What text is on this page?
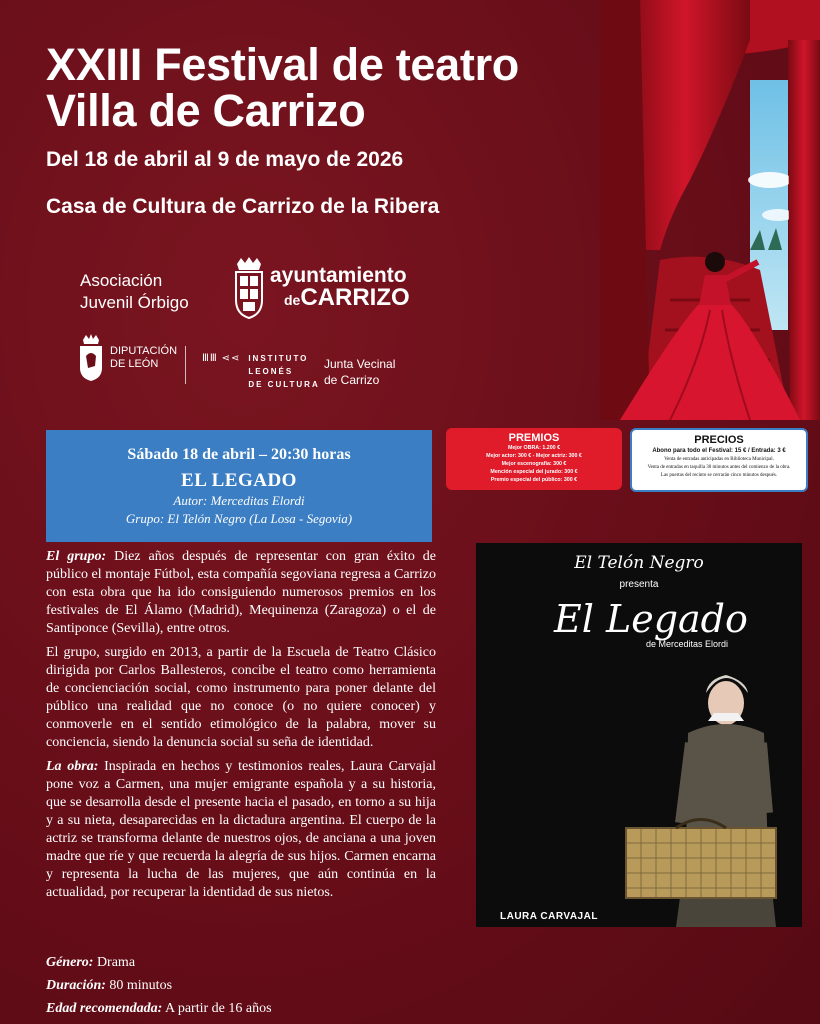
XXIII Festival de teatro
Villa de Carrizo
Del 18 de abril al 9 de mayo de 2026
Casa de Cultura de Carrizo de la Ribera
Asociación
Juvenil Órbigo
ayuntamiento
deCARRIZO
DIPUTACIÓN
DE LEÓN	ⅢⅢ ⋖⋖ INSTITUTO
LEONÉS
DE CULTURA
Junta Vecinal
de Carrizo
Sábado 18 de abril – 20:30 horas
EL LEGADO
Autor: Merceditas Elordi
Grupo: El Telón Negro (La Losa - Segovia)
PREMIOS
Mejor OBRA: 1.200 €
Mejor actor: 300 € - Mejor actriz: 300 €
Mejor escenografía: 300 €
Mención especial del jurado: 300 €
Premio especial del público: 300 €
PRECIOS
Abono para todo el Festival: 15 € / Entrada: 3 €
Venta de entradas anticipadas en Biblioteca Municipal.
Venta de entradas en taquilla 30 minutos antes del comienzo de la obra.
Las puertas del recinto se cerrarán cinco minutos después.

El grupo: Diez años después de representar con gran éxito de público el montaje Fútbol, esta compañía segoviana regresa a Carrizo con esta obra que ha ido consiguiendo numerosos premios en los festivales de El Álamo (Madrid), Mequinenza (Zaragoza) o el de Santiponce (Sevilla), entre otros.

El grupo, surgido en 2013, a partir de la Escuela de Teatro Clásico dirigida por Carlos Ballesteros, concibe el teatro como herramienta de concienciación social, como instrumento para poner delante del público una realidad que no conoce (o no quiere conocer) y conmoverle en el sentido etimológico de la palabra, mover su conciencia, siendo la denuncia social su seña de identidad.

La obra: Inspirada en hechos y testimonios reales, Laura Carvajal pone voz a Carmen, una mujer emigrante española y a su historia, que se desarrolla desde el presente hacia el pasado, en torno a su hija y a su nieta, desaparecidas en la dictadura argentina. El cuerpo de la actriz se transforma delante de nuestros ojos, de anciana a una joven madre que ríe y que recuerda la alegría de sus hijos. Carmen encarna y representa la lucha de las mujeres, que aún continúa en la actualidad, por recuperar la identidad de sus nietos.

Género: Drama
Duración: 80 minutos
Edad recomendada: A partir de 16 años
El Telón Negro
presenta
El Legado
de Merceditas Elordi
LAURA CARVAJAL
